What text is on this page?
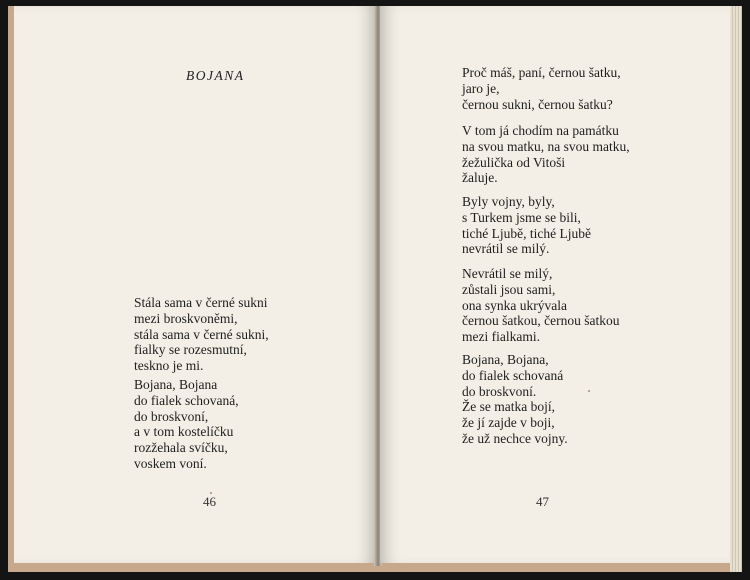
BOJANA
Stála sama v černé sukni
mezi broskvoněmi,
stála sama v černé sukni,
fialky se rozesmutní,
teskno je mi.
Bojana, Bojana
do fialek schovaná,
do broskvoní,
a v tom kostelíčku
rozžehala svíčku,
voskem voní.
46
Proč máš, paní, černou šatku,
jaro je,
černou sukni, černou šatku?
V tom já chodím na památku
na svou matku, na svou matku,
žežulička od Vitoši
žaluje.
Byly vojny, byly,
s Turkem jsme se bili,
tiché Ljubě, tiché Ljubě
nevrátil se milý.
Nevrátil se milý,
zůstali jsou sami,
ona synka ukrývala
černou šatkou, černou šatkou
mezi fialkami.
Bojana, Bojana,
do fialek schovaná
do broskvoní.
Že se matka bojí,
že jí zajde v boji,
že už nechce vojny.
47
